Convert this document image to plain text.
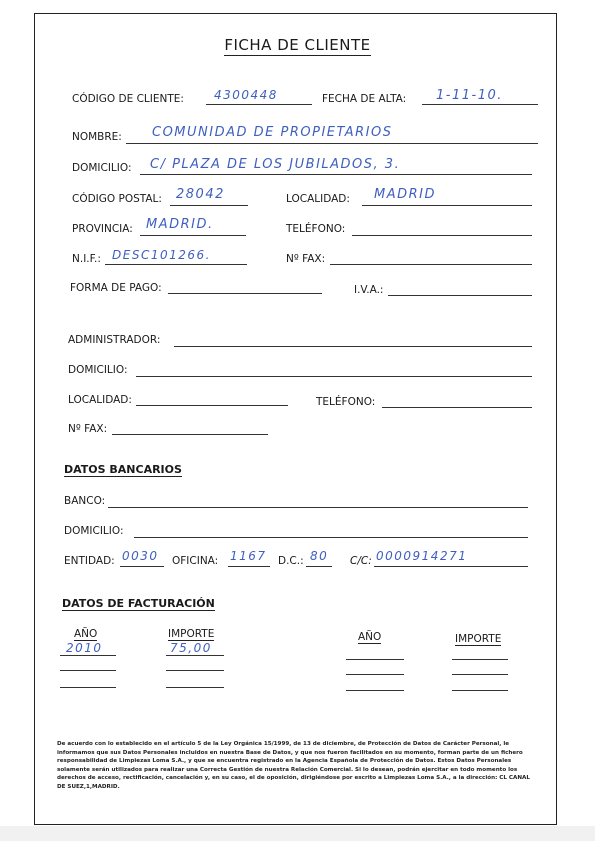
FICHA DE CLIENTE
CÓDIGO DE CLIENTE:	4300448	FECHA DE ALTA: 1-11-10.
NOMBRE: COMUNIDAD DE PROPIETARIOS
DOMICILIO: C/ PLAZA DE LOS JUBILADOS, 3.
CÓDIGO POSTAL: 28042	LOCALIDAD: MADRID
PROVINCIA: MADRID.	TELÉFONO:
N.I.F.: DESC101266.	Nº FAX:
FORMA DE PAGO:	I.V.A.:
ADMINISTRADOR:
DOMICILIO:
LOCALIDAD:	TELÉFONO:
Nº FAX:
DATOS BANCARIOS
BANCO:
DOMICILIO:
ENTIDAD: 0030 OFICINA: 1167 D.C.: 80 C/C: 0000914271
DATOS DE FACTURACIÓN
AÑO	IMPORTE	AÑO	IMPORTE
2010	75,00
De acuerdo con lo establecido en el artículo 5 de la Ley Orgánica 15/1999, de 13 de diciembre, de Protección de Datos de Carácter Personal, le informamos que sus Datos Personales incluidos en nuestra Base de Datos, y que nos fueron facilitados en su momento, forman parte de un fichero responsabilidad de Limpiezas Loma S.A., y que se encuentra registrado en la Agencia Española de Protección de Datos. Estos Datos Personales solamente serán utilizados para realizar una Correcta Gestión de nuestra Relación Comercial. Si lo desean, podrán ejercitar en todo momento los derechos de acceso, rectificación, cancelación y, en su caso, el de oposición, dirigiéndose por escrito a Limpiezas Loma S.A., a la dirección: CL CANAL DE SUEZ,1,MADRID.
